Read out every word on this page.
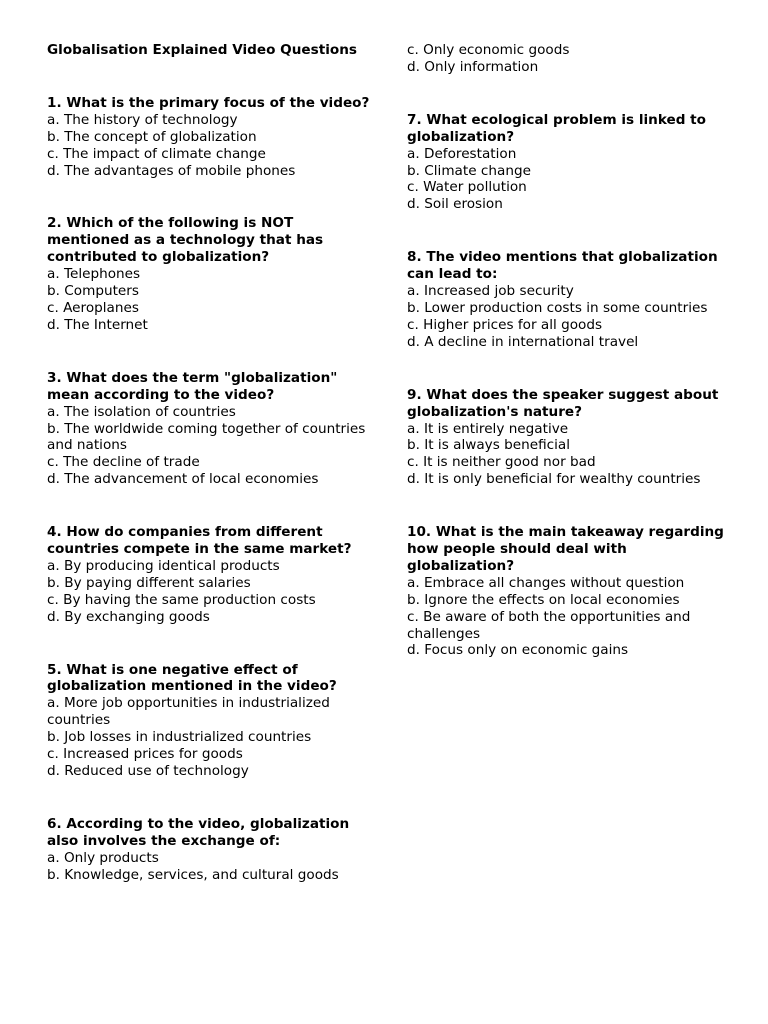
Globalisation Explained Video Questions
1. What is the primary focus of the video?
a. The history of technology
b. The concept of globalization
c. The impact of climate change
d. The advantages of mobile phones
2. Which of the following is NOT mentioned as a technology that has contributed to globalization?
a. Telephones
b. Computers
c. Aeroplanes
d. The Internet
3. What does the term "globalization" mean according to the video?
a. The isolation of countries
b. The worldwide coming together of countries and nations
c. The decline of trade
d. The advancement of local economies
4. How do companies from different countries compete in the same market?
a. By producing identical products
b. By paying different salaries
c. By having the same production costs
d. By exchanging goods
5. What is one negative effect of globalization mentioned in the video?
a. More job opportunities in industrialized countries
b. Job losses in industrialized countries
c. Increased prices for goods
d. Reduced use of technology
6. According to the video, globalization also involves the exchange of:
a. Only products
b. Knowledge, services, and cultural goods
c. Only economic goods
d. Only information
7. What ecological problem is linked to globalization?
a. Deforestation
b. Climate change
c. Water pollution
d. Soil erosion
8. The video mentions that globalization can lead to:
a. Increased job security
b. Lower production costs in some countries
c. Higher prices for all goods
d. A decline in international travel
9. What does the speaker suggest about globalization's nature?
a. It is entirely negative
b. It is always beneficial
c. It is neither good nor bad
d. It is only beneficial for wealthy countries
10. What is the main takeaway regarding how people should deal with globalization?
a. Embrace all changes without question
b. Ignore the effects on local economies
c. Be aware of both the opportunities and challenges
d. Focus only on economic gains
